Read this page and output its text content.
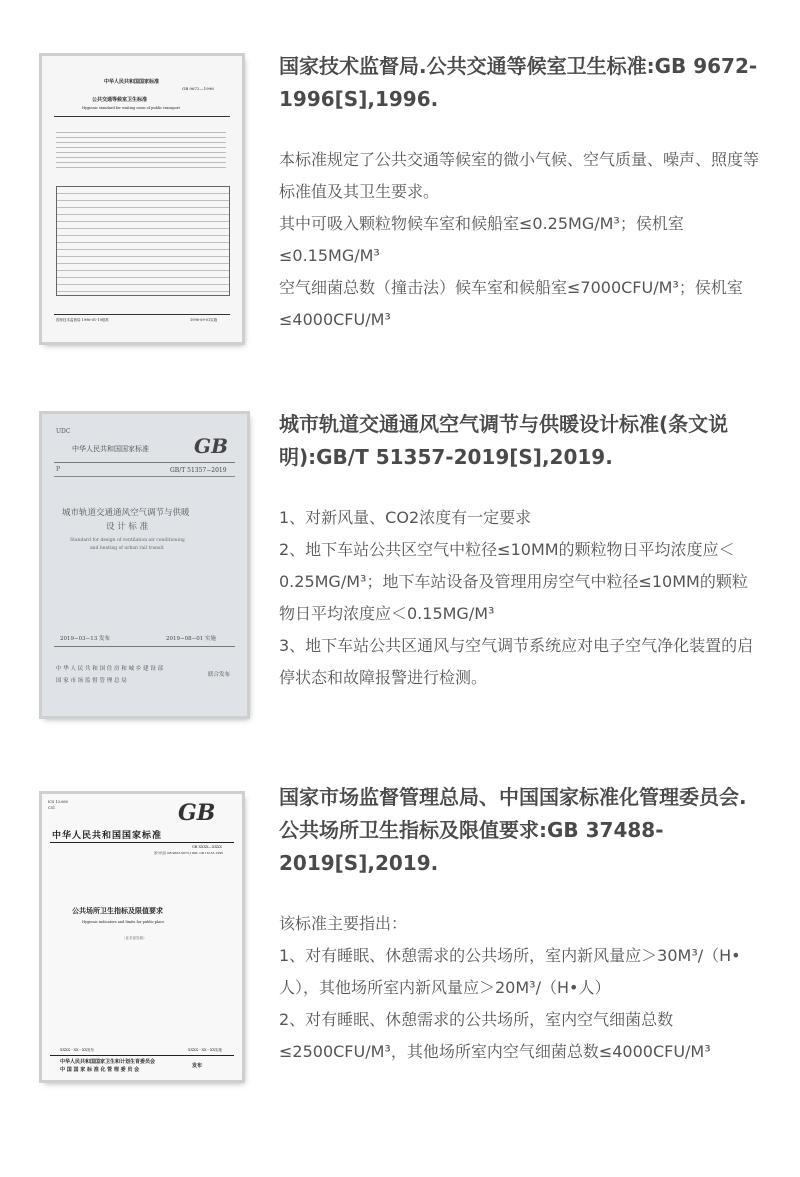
中华人民共和国国家标准
GB 9672—1996
公共交通等候室卫生标准
Hygienic standard for waiting room of public transport
国家技术监督局 1996-01-19批准	1996-09-01实施
国家技术监督局.公共交通等候室卫生标准:GB 9672-1996[S],1996.

本标准规定了公共交通等候室的微小气候、空气质量、噪声、照度等标准值及其卫生要求。

其中可吸入颗粒物候车室和候船室≤0.25MG/M³；侯机室≤0.15MG/M³

空气细菌总数（撞击法）候车室和候船室≤7000CFU/M³；侯机室≤4000CFU/M³

UDC
中华人民共和国国家标准 GB
P	GB/T 51357−2019
城市轨道交通通风空气调节与供暖
设 计 标 准
Standard for design of ventilation air conditioning
and heating of urban rail transit
2019−03−13 发布	2019−08−01 实施
中 华 人 民 共 和 国 住 房 和 城 乡 建 设 部
国 家 市 场 监 督 管 理 总 局
联合发布
城市轨道交通通风空气调节与供暖设计标准(条文说明):GB/T 51357-2019[S],2019.

1、对新风量、CO2浓度有一定要求

2、地下车站公共区空气中粒径≤10MM的颗粒物日平均浓度应＜0.25MG/M³；地下车站设备及管理用房空气中粒径≤10MM的颗粒物日平均浓度应＜0.15MG/M³

3、地下车站公共区通风与空气调节系统应对电子空气净化装置的启停状态和故障报警进行检测。

ICS 13.060
C51	GB
中华人民共和国国家标准
GB XXXX—XXXX
部分代替 GB 9663-9673-1996, GB 16153-1996
公共场所卫生指标及限值要求
Hygienic indicators and limits for public place
（征求意见稿）
XXXX－XX－XX发布	XXXX－XX－XX实施
中华人民共和国国家卫生和计划生育委员会
中 国 国 家 标 准 化 管 理 委 员 会
发布
国家市场监督管理总局、中国国家标准化管理委员会.公共场所卫生指标及限值要求:GB 37488-2019[S],2019.

该标准主要指出：

1、对有睡眠、休憩需求的公共场所，室内新风量应＞30M³/（H•人），其他场所室内新风量应＞20M³/（H•人）

2、对有睡眠、休憩需求的公共场所，室内空气细菌总数≤2500CFU/M³，其他场所室内空气细菌总数≤4000CFU/M³
